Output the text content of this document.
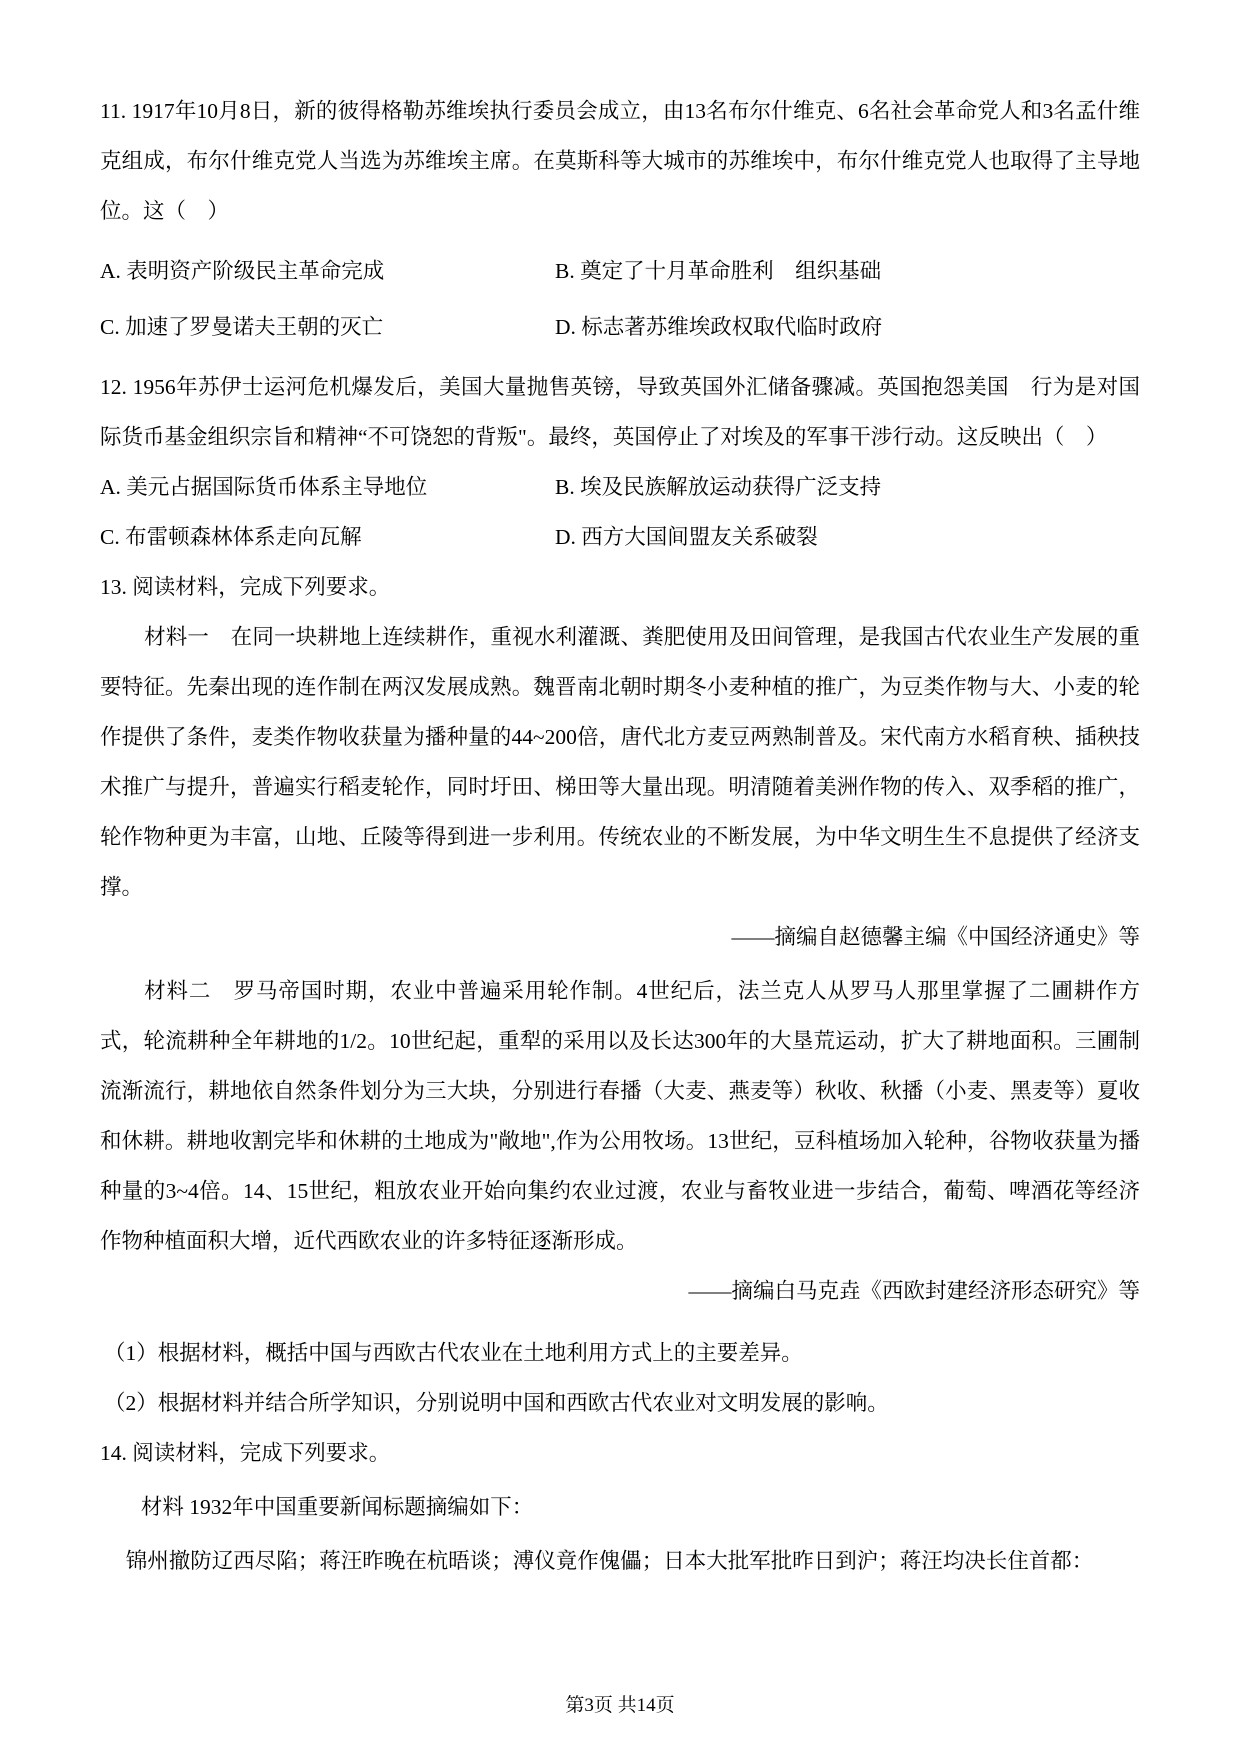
11. 1917年10月8日，新的彼得格勒苏维埃执行委员会成立，由13名布尔什维克、6名社会革命党人和3名孟什维克组成，布尔什维克党人当选为苏维埃主席。在莫斯科等大城市的苏维埃中，布尔什维克党人也取得了主导地位。这（　）

A. 表明资产阶级民主革命完成	B. 奠定了十月革命胜利　组织基础

C. 加速了罗曼诺夫王朝的灭亡	D. 标志著苏维埃政权取代临时政府

12. 1956年苏伊士运河危机爆发后，美国大量抛售英镑，导致英国外汇储备骤减。英国抱怨美国　行为是对国际货币基金组织宗旨和精神“不可饶恕的背叛"。最终，英国停止了对埃及的军事干涉行动。这反映出（　）

A. 美元占据国际货币体系主导地位	B. 埃及民族解放运动获得广泛支持

C. 布雷顿森林体系走向瓦解	D. 西方大国间盟友关系破裂

13. 阅读材料，完成下列要求。

材料一　在同一块耕地上连续耕作，重视水利灌溉、粪肥使用及田间管理，是我国古代农业生产发展的重要特征。先秦出现的连作制在两汉发展成熟。魏晋南北朝时期冬小麦种植的推广，为豆类作物与大、小麦的轮作提供了条件，麦类作物收获量为播种量的44~200倍，唐代北方麦豆两熟制普及。宋代南方水稻育秧、插秧技术推广与提升，普遍实行稻麦轮作，同时圩田、梯田等大量出现。明清随着美洲作物的传入、双季稻的推广，轮作物种更为丰富，山地、丘陵等得到进一步利用。传统农业的不断发展，为中华文明生生不息提供了经济支撑。

——摘编自赵德馨主编《中国经济通史》等

材料二　罗马帝国时期，农业中普遍采用轮作制。4世纪后，法兰克人从罗马人那里掌握了二圃耕作方式，轮流耕种全年耕地的1/2。10世纪起，重犁的采用以及长达300年的大垦荒运动，扩大了耕地面积。三圃制流渐流行，耕地依自然条件划分为三大块，分别进行春播（大麦、燕麦等）秋收、秋播（小麦、黑麦等）夏收和休耕。耕地收割完毕和休耕的土地成为"敞地",作为公用牧场。13世纪，豆科植场加入轮种，谷物收获量为播种量的3~4倍。14、15世纪，粗放农业开始向集约农业过渡，农业与畜牧业进一步结合，葡萄、啤酒花等经济作物种植面积大增，近代西欧农业的许多特征逐渐形成。

——摘编白马克垚《西欧封建经济形态研究》等

（1）根据材料，概括中国与西欧古代农业在土地利用方式上的主要差异。

（2）根据材料并结合所学知识，分别说明中国和西欧古代农业对文明发展的影响。

14. 阅读材料，完成下列要求。

材料 1932年中国重要新闻标题摘编如下：

锦州撤防辽西尽陷；蒋汪昨晚在杭晤谈；溥仪竟作傀儡；日本大批军批昨日到沪；蒋汪均决长住首都：

第3页 共14页
